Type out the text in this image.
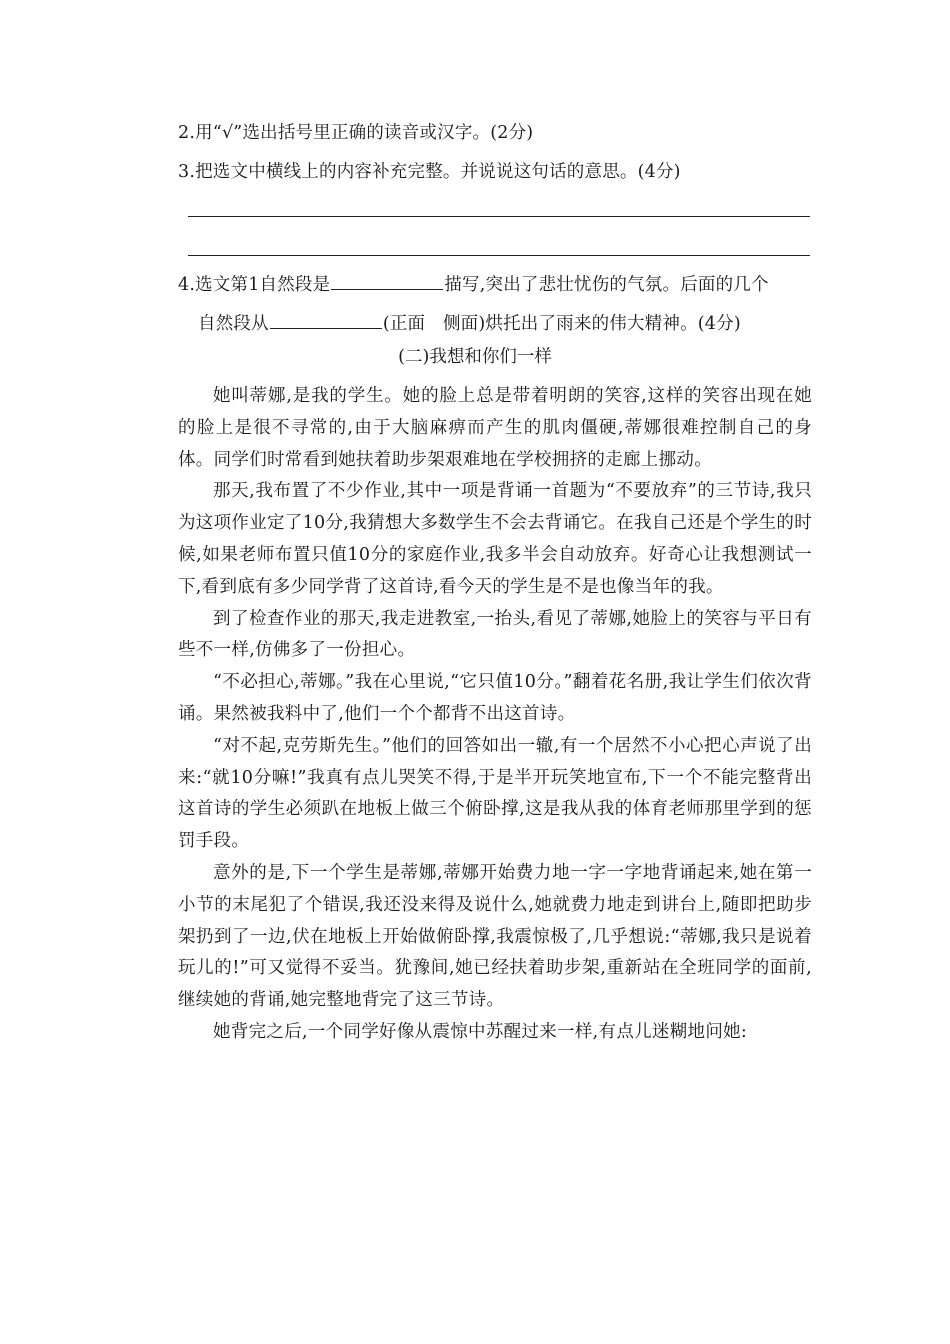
2.用“√”选出括号里正确的读音或汉字。(2分)
3.把选文中横线上的内容补充完整。并说说这句话的意思。(4分)
4.选文第1自然段是	描写,突出了悲壮忧伤的气氛。后面的几个
自然段从	(正面　侧面)烘托出了雨来的伟大精神。(4分)
(二)我想和你们一样

她叫蒂娜,是我的学生。她的脸上总是带着明朗的笑容,这样的笑容出现在她的脸上是很不寻常的,由于大脑麻痹而产生的肌肉僵硬,蒂娜很难控制自己的身体。同学们时常看到她扶着助步架艰难地在学校拥挤的走廊上挪动。

那天,我布置了不少作业,其中一项是背诵一首题为“不要放弃”的三节诗,我只为这项作业定了10分,我猜想大多数学生不会去背诵它。在我自己还是个学生的时候,如果老师布置只值10分的家庭作业,我多半会自动放弃。好奇心让我想测试一下,看到底有多少同学背了这首诗,看今天的学生是不是也像当年的我。

到了检查作业的那天,我走进教室,一抬头,看见了蒂娜,她脸上的笑容与平日有些不一样,仿佛多了一份担心。

“不必担心,蒂娜。”我在心里说,“它只值10分。”翻着花名册,我让学生们依次背诵。果然被我料中了,他们一个个都背不出这首诗。

“对不起,克劳斯先生。”他们的回答如出一辙,有一个居然不小心把心声说了出来:“就10分嘛!”我真有点儿哭笑不得,于是半开玩笑地宣布,下一个不能完整背出这首诗的学生必须趴在地板上做三个俯卧撑,这是我从我的体育老师那里学到的惩罚手段。

意外的是,下一个学生是蒂娜,蒂娜开始费力地一字一字地背诵起来,她在第一小节的末尾犯了个错误,我还没来得及说什么,她就费力地走到讲台上,随即把助步架扔到了一边,伏在地板上开始做俯卧撑,我震惊极了,几乎想说:“蒂娜,我只是说着玩儿的!”可又觉得不妥当。犹豫间,她已经扶着助步架,重新站在全班同学的面前,继续她的背诵,她完整地背完了这三节诗。

她背完之后,一个同学好像从震惊中苏醒过来一样,有点儿迷糊地问她:
